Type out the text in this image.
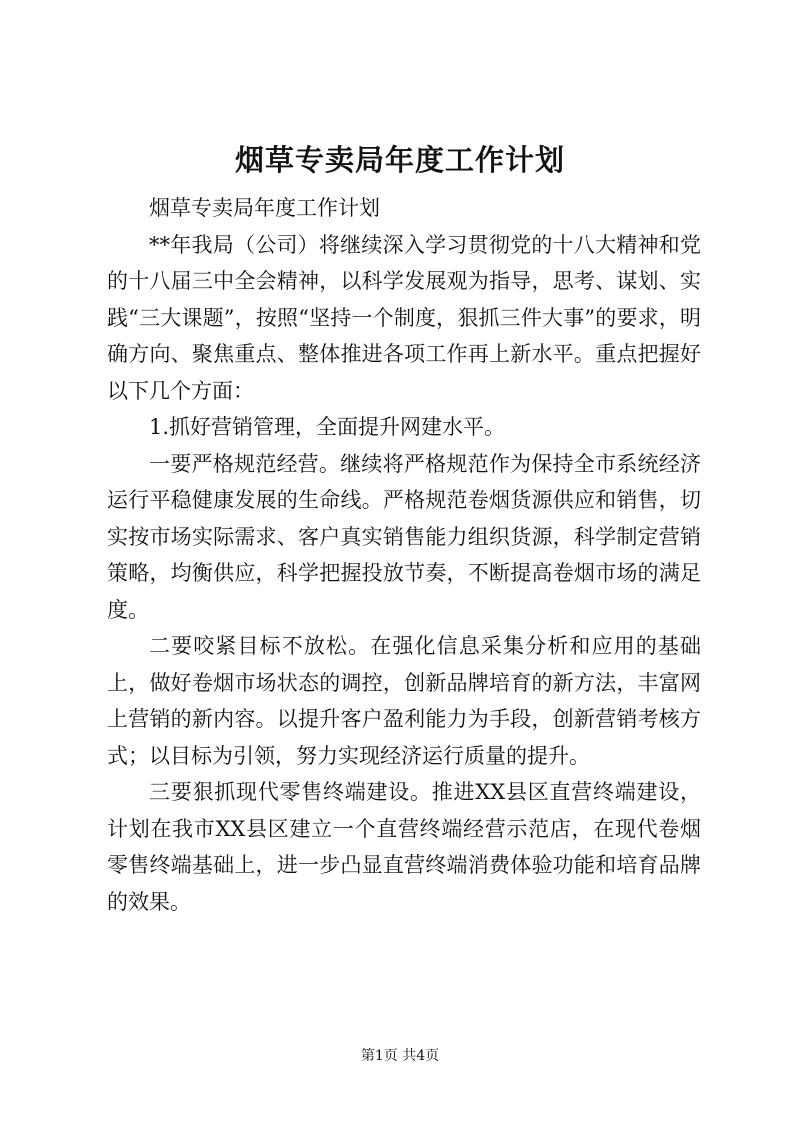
烟草专卖局年度工作计划

烟草专卖局年度工作计划

**年我局（公司）将继续深入学习贯彻党的十八大精神和党的十八届三中全会精神，以科学发展观为指导，思考、谋划、实践“三大课题”，按照“坚持一个制度，狠抓三件大事”的要求，明确方向、聚焦重点、整体推进各项工作再上新水平。重点把握好以下几个方面：

1.抓好营销管理，全面提升网建水平。

一要严格规范经营。继续将严格规范作为保持全市系统经济运行平稳健康发展的生命线。严格规范卷烟货源供应和销售，切实按市场实际需求、客户真实销售能力组织货源，科学制定营销策略，均衡供应，科学把握投放节奏，不断提高卷烟市场的满足度。

二要咬紧目标不放松。在强化信息采集分析和应用的基础上，做好卷烟市场状态的调控，创新品牌培育的新方法，丰富网上营销的新内容。以提升客户盈利能力为手段，创新营销考核方式；以目标为引领，努力实现经济运行质量的提升。

三要狠抓现代零售终端建设。推进XX县区直营终端建设，计划在我市XX县区建立一个直营终端经营示范店，在现代卷烟零售终端基础上，进一步凸显直营终端消费体验功能和培育品牌的效果。

第1页 共4页
